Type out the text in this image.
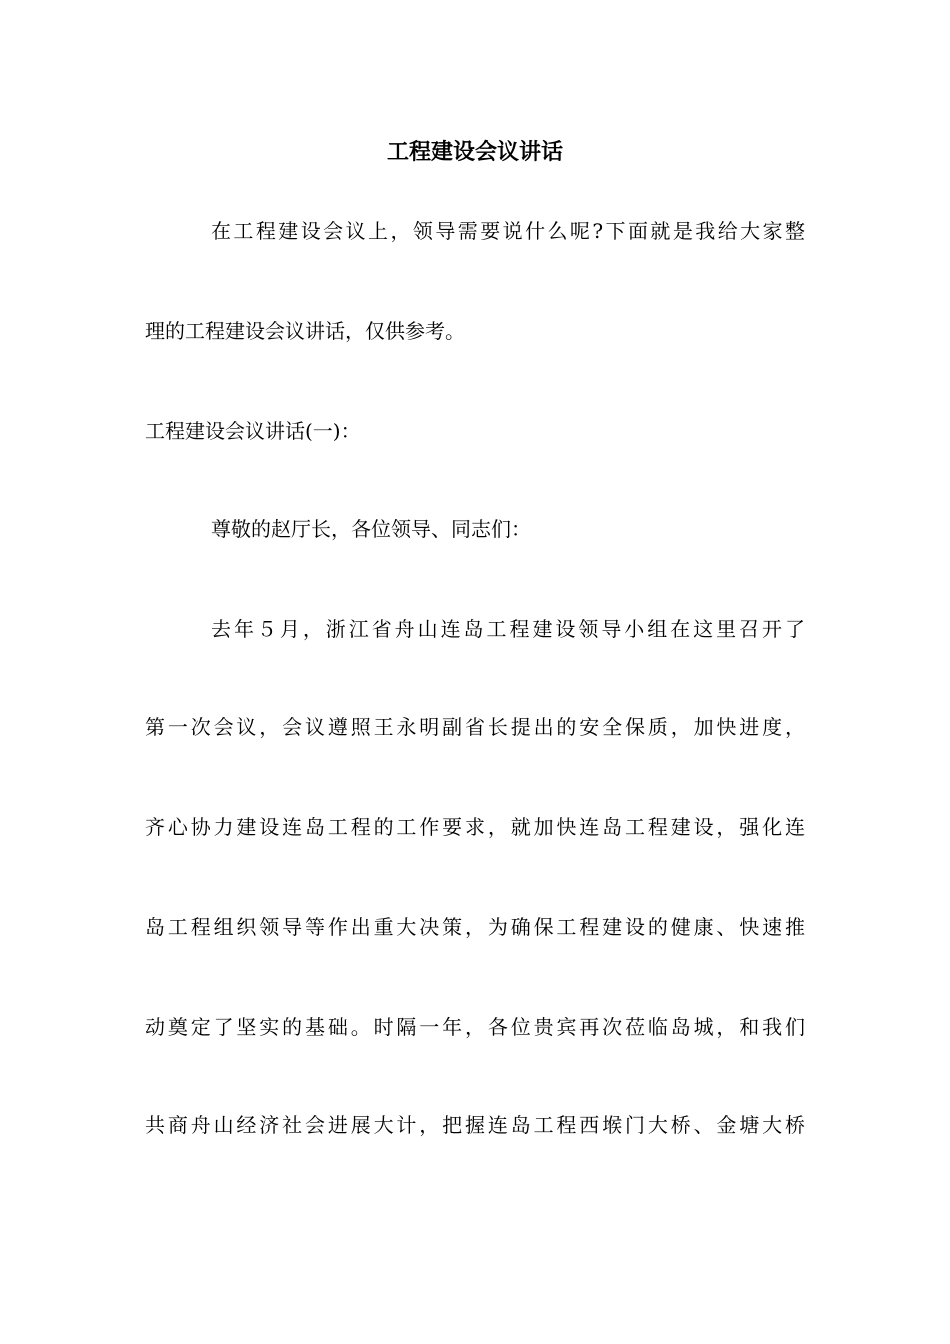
工程建设会议讲话
在工程建设会议上，领导需要说什么呢?下面就是我给大家整
理的工程建设会议讲话，仅供参考。
工程建设会议讲话(一)：
尊敬的赵厅长，各位领导、同志们：
去年５月，浙江省舟山连岛工程建设领导小组在这里召开了
第一次会议，会议遵照王永明副省长提出的安全保质，加快进度，
齐心协力建设连岛工程的工作要求，就加快连岛工程建设，强化连
岛工程组织领导等作出重大决策，为确保工程建设的健康、快速推
动奠定了坚实的基础。时隔一年，各位贵宾再次莅临岛城，和我们
共商舟山经济社会进展大计，把握连岛工程西堠门大桥、金塘大桥
